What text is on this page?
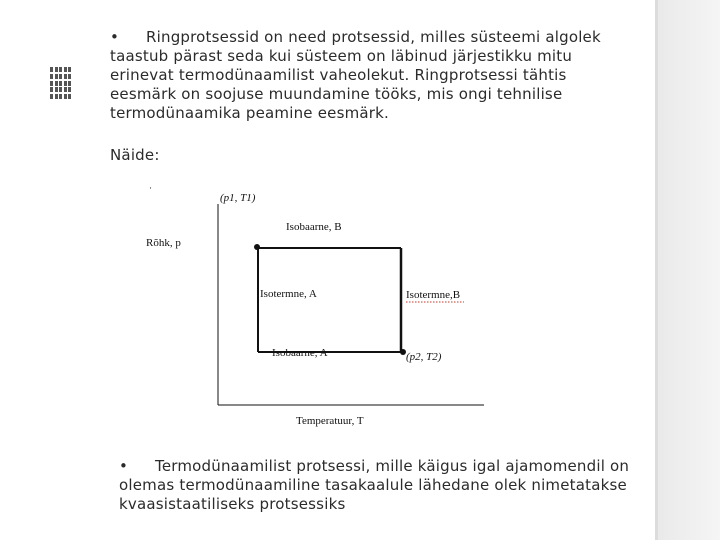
• Ringprotsessid on need protsessid, milles süsteemi algolek
taastub pärast seda kui süsteem on läbinud järjestikku mitu
erinevat termodünaamilist vaheolekut. Ringprotsessi tähtis
eesmärk on soojuse muundamine tööks, mis ongi tehnilise
termodünaamika peamine eesmärk.
Näide:
·
(p1, T1)
Isobaarne, B
Rõhk, p
Isotermne, A	Isotermne,B
Isobaarne, A	(p2, T2)
Temperatuur, T
• Termodünaamilist protsessi, mille käigus igal ajamomendil on
olemas termodünaamiline tasakaalule lähedane olek nimetatakse
kvaasistaatiliseks protsessiks
